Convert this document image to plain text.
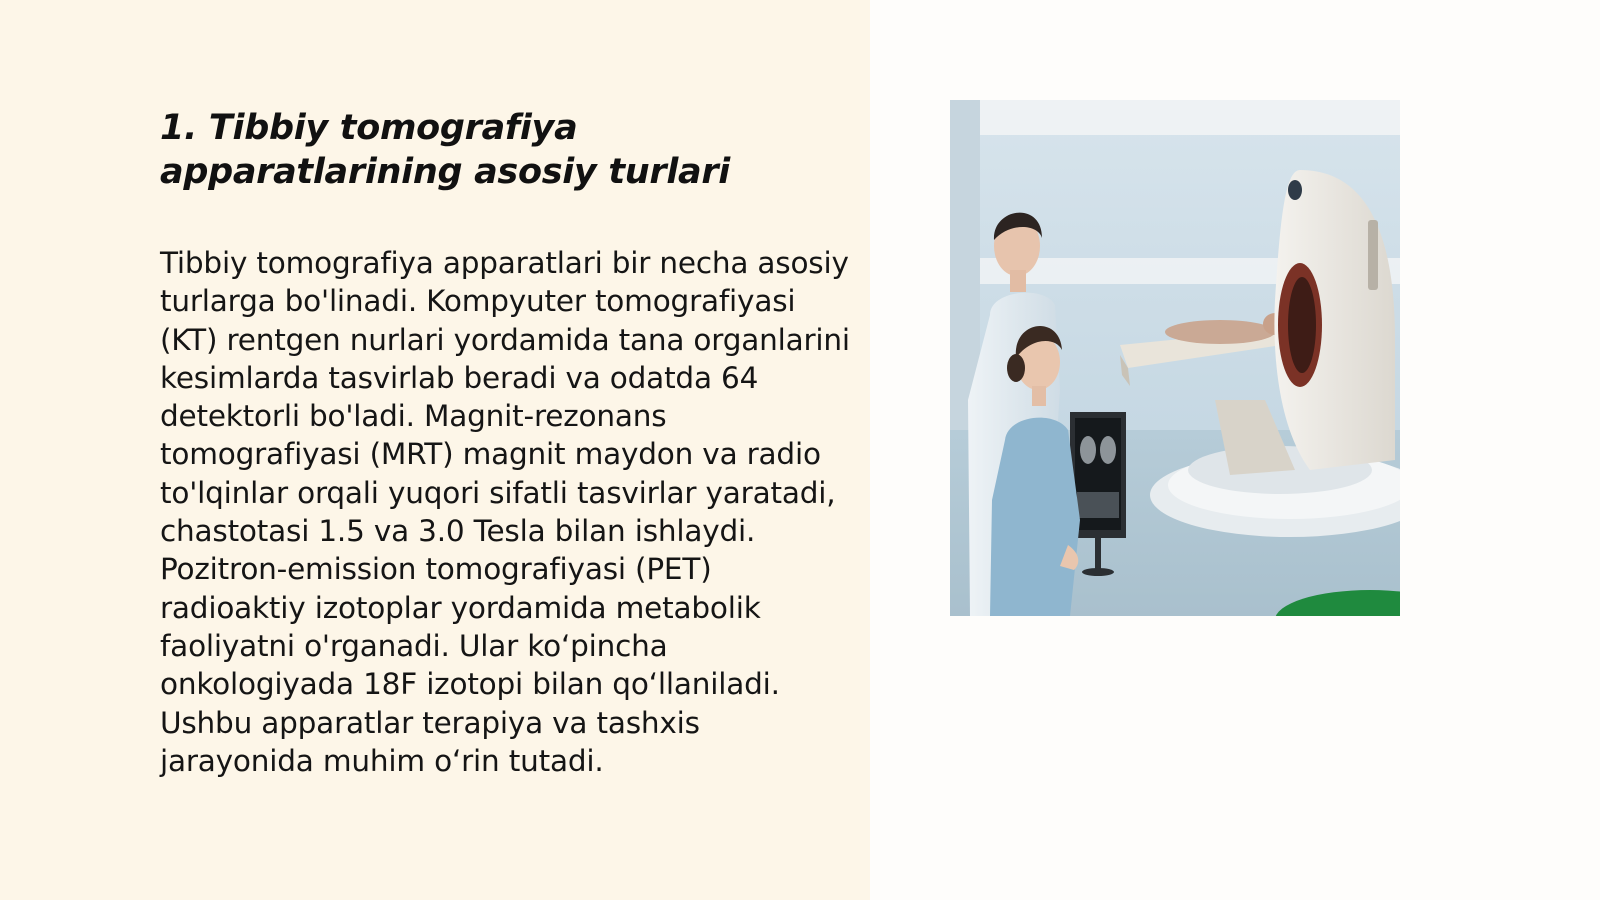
1. Tibbiy tomografiya apparatlarining asosiy turlari

Tibbiy tomografiya apparatlari bir necha asosiy turlarga bo'linadi. Kompyuter tomografiyasi (KT) rentgen nurlari yordamida tana organlarini kesimlarda tasvirlab beradi va odatda 64 detektorli bo'ladi. Magnit-rezonans tomografiyasi (MRT) magnit maydon va radio to'lqinlar orqali yuqori sifatli tasvirlar yaratadi, chastotasi 1.5 va 3.0 Tesla bilan ishlaydi. Pozitron-emission tomografiyasi (PET) radioaktiy izotoplar yordamida metabolik faoliyatni o'rganadi. Ular ko‘pincha onkologiyada 18F izotopi bilan qo‘llaniladi. Ushbu apparatlar terapiya va tashxis jarayonida muhim o‘rin tutadi.
